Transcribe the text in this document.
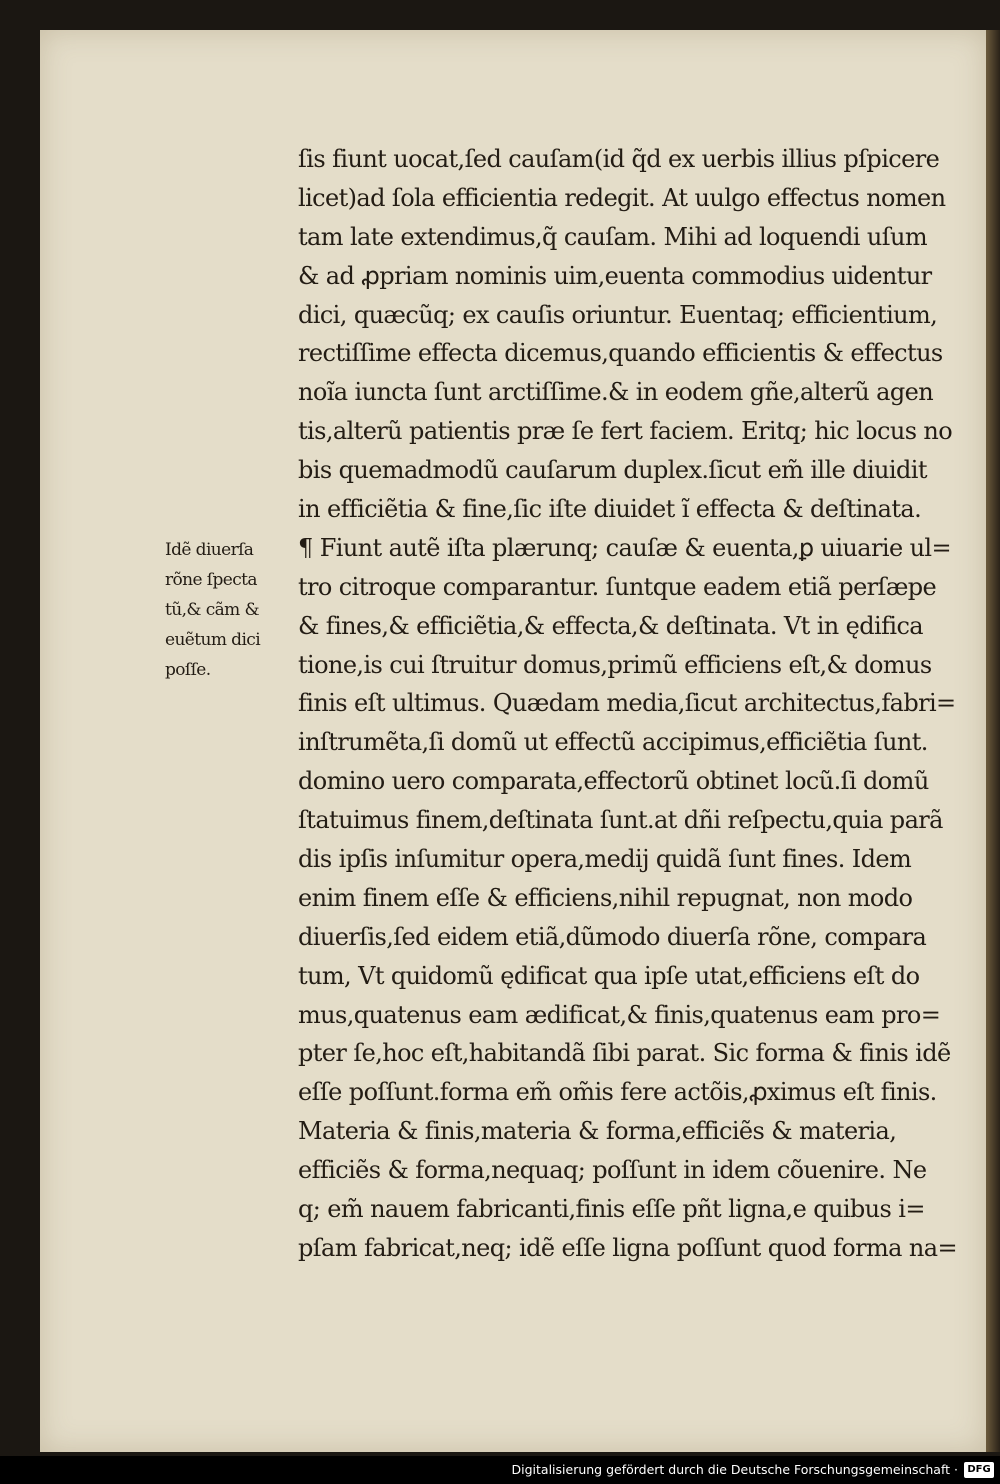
ſis fiunt uocat,ſed cauſam(id q̃d ex uerbis illius pſpicere
licet)ad ſola efficientia redegit. At uulgo effectus nomen
tam late extendimus,q̃ cauſam. Mihi ad loquendi uſum
& ad ꝓpriam nominis uim,euenta commodius uidentur
dici, quæcũq; ex cauſis oriuntur. Euentaq; efficientium,
rectiſſime effecta dicemus,quando efficientis & effectus
noĩa iuncta ſunt arctiſſime.& in eodem gñe,alterũ agen
tis,alterũ patientis præ ſe fert faciem. Eritq; hic locus no
bis quemadmodũ cauſarum duplex.ſicut em̃ ille diuidit
in efficiẽtia & fine,ſic iſte diuidet ĩ effecta & deſtinata.
¶ Fiunt autẽ iſta plærunq; cauſæ & euenta,ꝑ uiuarie ul=
tro citroque comparantur. ſuntque eadem etiã perſæpe
& fines,& efficiẽtia,& effecta,& deſtinata. Vt in ędifica
tione,is cui ſtruitur domus,primũ efficiens eſt,& domus
finis eſt ultimus. Quædam media,ſicut architectus,fabri=
inſtrumẽta,ſi domũ ut effectũ accipimus,efficiẽtia ſunt.
domino uero comparata,effectorũ obtinet locũ.ſi domũ
ſtatuimus finem,deſtinata ſunt.at dñi reſpectu,quia parã
dis ipſis inſumitur opera,medij quidã ſunt fines. Idem
enim finem eſſe & efficiens,nihil repugnat, non modo
diuerſis,ſed eidem etiã,dũmodo diuerſa rõne, compara
tum, Vt quidomũ ędificat qua ipſe utat,efficiens eſt do
mus,quatenus eam ædificat,& finis,quatenus eam pro=
pter ſe,hoc eſt,habitandã ſibi parat. Sic forma & finis idẽ
eſſe poſſunt.forma em̃ om̃is fere actõis,ꝓximus eſt finis.
Materia & finis,materia & forma,efficiẽs & materia,
efficiẽs & forma,nequaq; poſſunt in idem cõuenire. Ne
q; em̃ nauem fabricanti,finis eſſe pñt ligna,e quibus i=
pſam fabricat,neq; idẽ eſſe ligna poſſunt quod forma na=
Idẽ diuerſa
rõne ſpecta
tũ,& cãm &
euẽtum dici
poſſe.
Digitalisierung gefördert durch die Deutsche Forschungsgemeinschaft · DFG
